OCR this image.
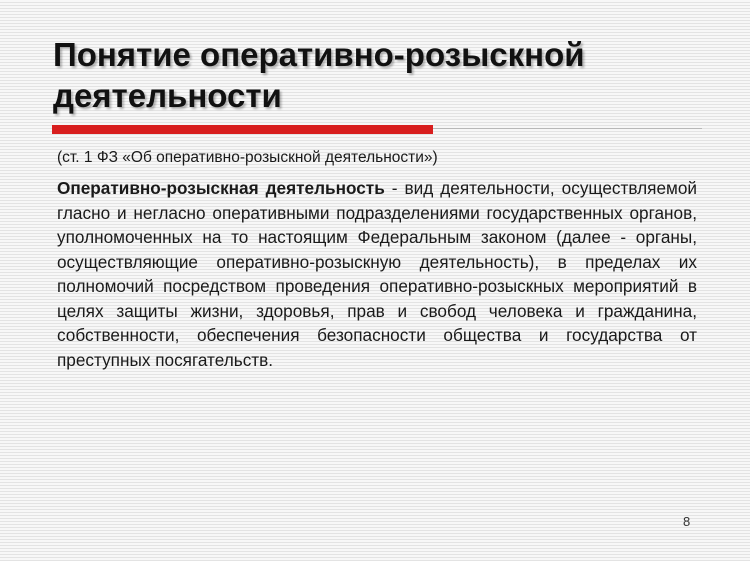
Понятие оперативно-розыскной деятельности
(ст. 1 ФЗ «Об оперативно-розыскной деятельности»)

Оперативно-розыскная деятельность - вид деятельности, осуществляемой гласно и негласно оперативными подразделениями государственных органов, уполномоченных на то настоящим Федеральным законом (далее - органы, осуществляющие оперативно-розыскную деятельность), в пределах их полномочий посредством проведения оперативно-розыскных мероприятий в целях защиты жизни, здоровья, прав и свобод человека и гражданина, собственности, обеспечения безопасности общества и государства от преступных посягательств.

8
